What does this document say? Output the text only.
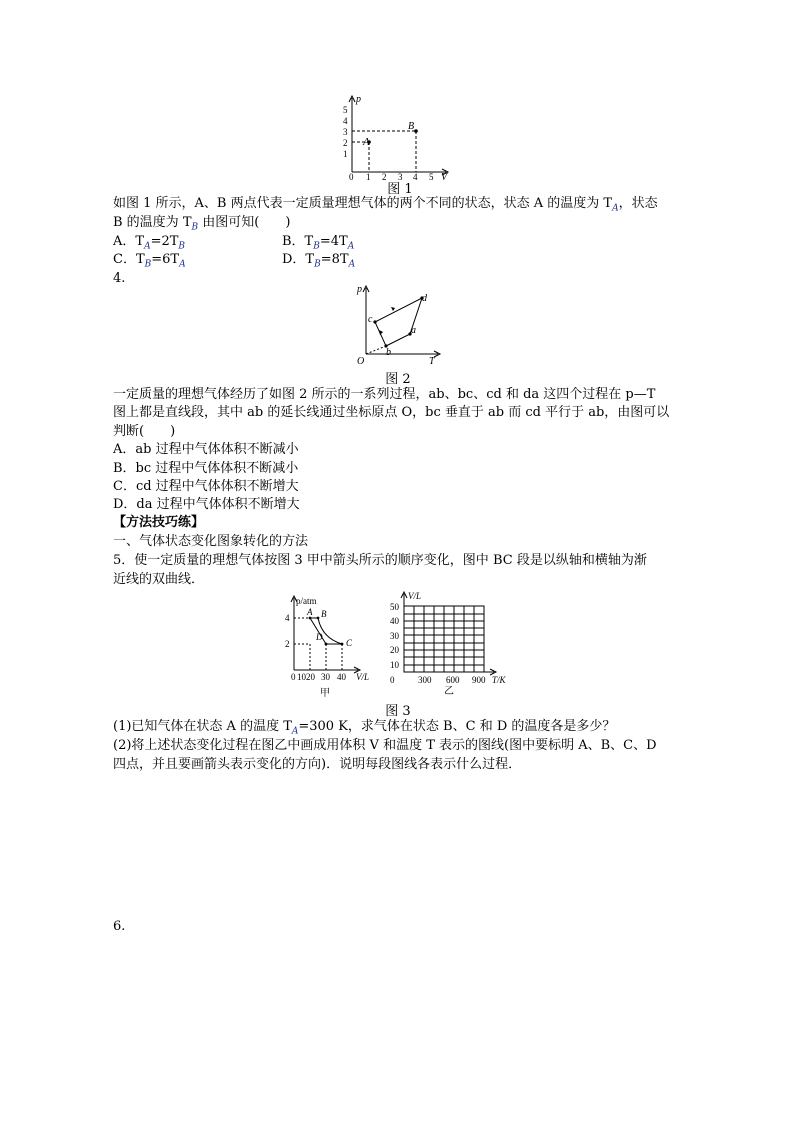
p
5
4
3
2
1
0 1 2 3 4 5 V
A
B
图 1
如图 1 所示，A、B 两点代表一定质量理想气体的两个不同的状态，状态 A 的温度为 $T_A$，状态
B 的温度为 $T_B$ 由图可知(　　)
A．$T_A=2T_B$	B．$T_B=4T_A$
C．$T_B=6T_A$	D．$T_B=8T_A$
4.
p
T
O
a
b
c
d
图 2
一定质量的理想气体经历了如图 2 所示的一系列过程，ab、bc、cd 和 da 这四个过程在 p—T
图上都是直线段，其中 ab 的延长线通过坐标原点 O，bc 垂直于 ab 而 cd 平行于 ab，由图可以
判断(　　)
A．ab 过程中气体体积不断减小
B．bc 过程中气体体积不断减小
C．cd 过程中气体体积不断增大
D．da 过程中气体体积不断增大
【方法技巧练】
一、气体状态变化图象转化的方法
5．使一定质量的理想气体按图 3 甲中箭头所示的顺序变化，图中 BC 段是以纵轴和横轴为渐
近线的双曲线．
p/atm
4
2
0 10 20 30 40 V/L
A B
C
D
甲
V/L
50
40
30
20
10
0	300 600 900 T/K
乙
图 3
(1)已知气体在状态 A 的温度 $T_A=300$ K，求气体在状态 B、C 和 D 的温度各是多少？
(2)将上述状态变化过程在图乙中画成用体积 V 和温度 T 表示的图线(图中要标明 A、B、C、D
四点，并且要画箭头表示变化的方向)．说明每段图线各表示什么过程．
6.
